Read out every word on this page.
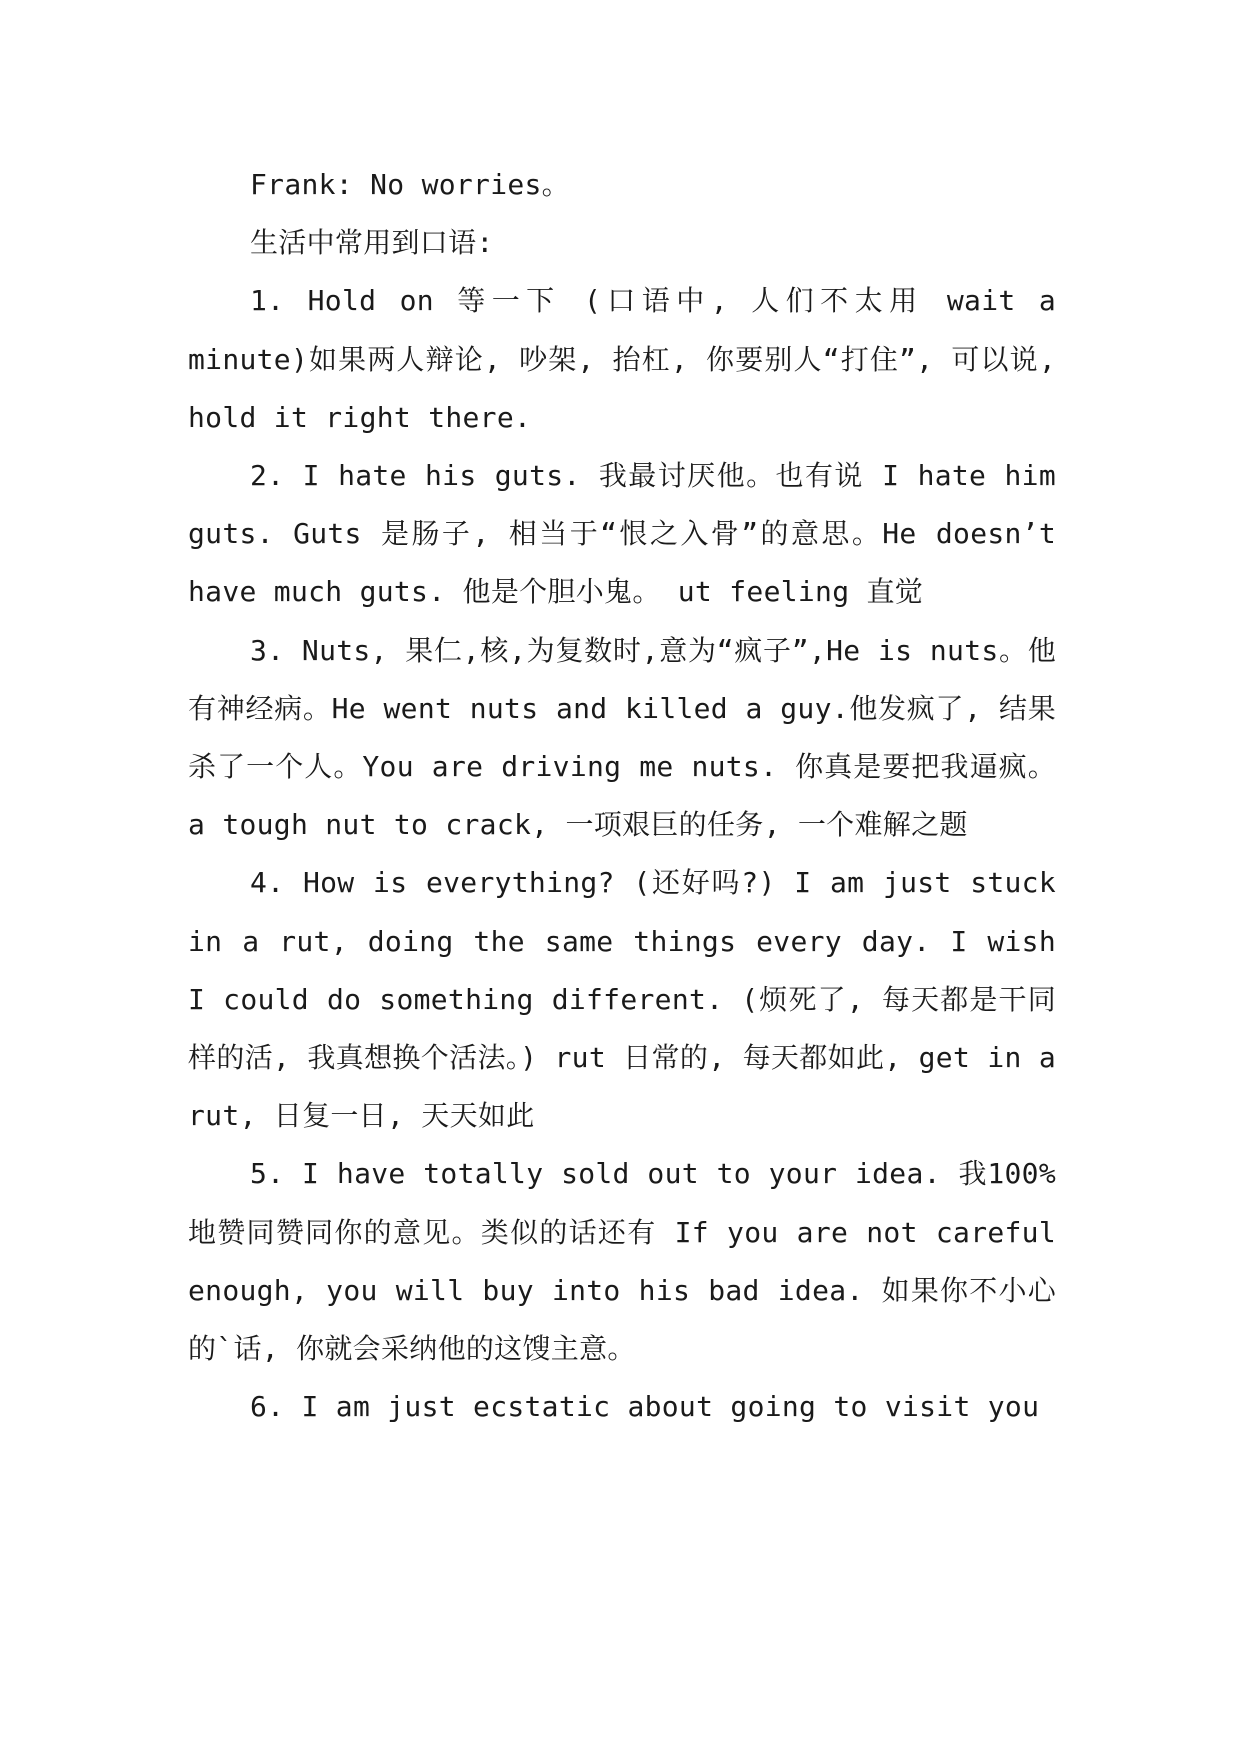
Frank: No worries。

生活中常用到口语:

1. Hold on 等一下 (口语中, 人们不太用 wait a minute)如果两人辩论, 吵架, 抬杠, 你要别人“打住”, 可以说, hold it right there.

2. I hate his guts. 我最讨厌他。也有说 I hate him guts. Guts 是肠子, 相当于“恨之入骨”的意思。He doesn’t have much guts. 他是个胆小鬼。 ut feeling 直觉

3. Nuts, 果仁,核,为复数时,意为“疯子”,He is nuts。他有神经病。He went nuts and killed a guy.他发疯了, 结果杀了一个人。You are driving me nuts. 你真是要把我逼疯。a tough nut to crack, 一项艰巨的任务, 一个难解之题

4. How is everything? (还好吗?) I am just stuck in a rut, doing the same things every day. I wish I could do something different. (烦死了, 每天都是干同样的活, 我真想换个活法。) rut 日常的, 每天都如此, get in a rut, 日复一日, 天天如此

5. I have totally sold out to your idea. 我100%地赞同赞同你的意见。类似的话还有 If you are not careful enough, you will buy into his bad idea. 如果你不小心的`话, 你就会采纳他的这馊主意。

6. I am just ecstatic about going to visit you
